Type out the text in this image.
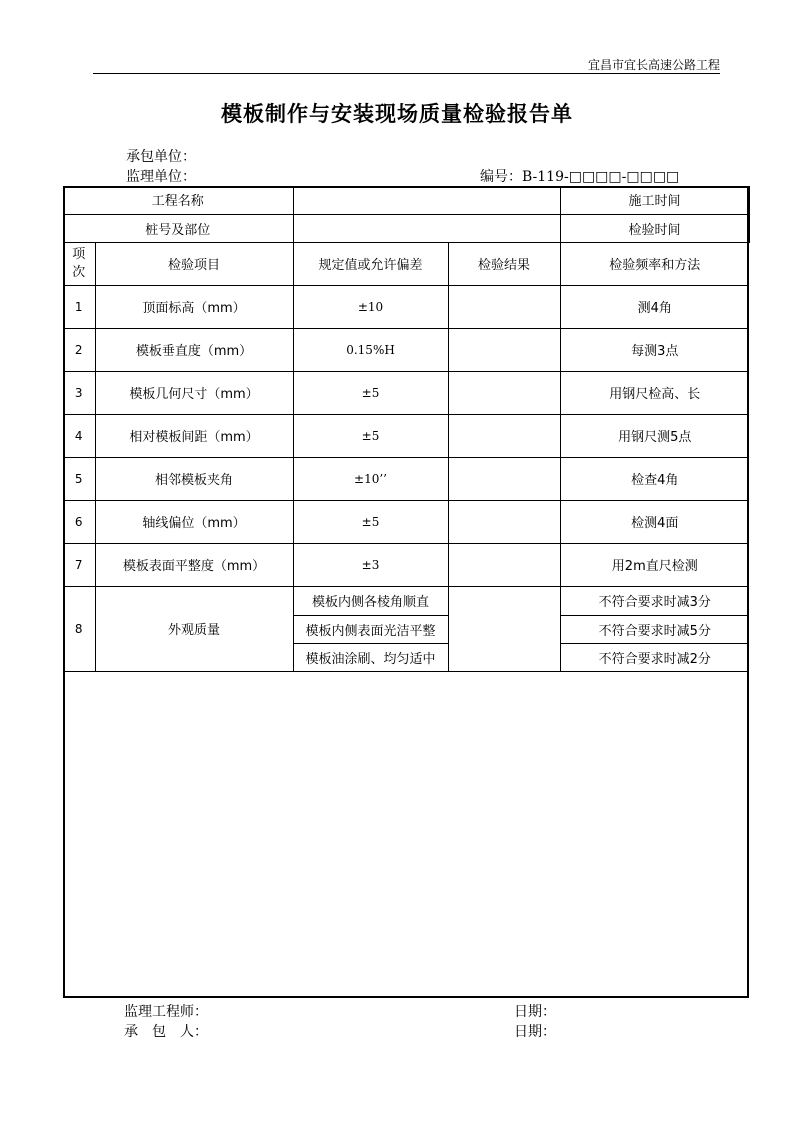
宜昌市宜长高速公路工程
模板制作与安装现场质量检验报告单
承包单位：
监理单位：	编号：B-119-□□□□-□□□□
工程名称				施工时间	
桩号及部位				检验时间	

项
次	检验项目	规定值或允许偏差	检验结果	检验频率和方法	
1	顶面标高（mm）	±10		测4角	
2	模板垂直度（mm）	0.15%H		每测3点	
3	模板几何尺寸（mm）	±5		用钢尺检高、长	
4	相对模板间距（mm）	±5		用钢尺测5点	
5	相邻模板夹角	±10’’		检查4角	
6	轴线偏位（mm）	±5		检测4面	
7	模板表面平整度（mm）	±3		用2m直尺检测	
8	外观质量	模板内侧各棱角顺直		不符合要求时减3分	
		模板内侧表面光洁平整		不符合要求时减5分	
		模板油涂刷、均匀适中		不符合要求时减2分	
监理工程师：	日期：
承　包　人：	日期：
